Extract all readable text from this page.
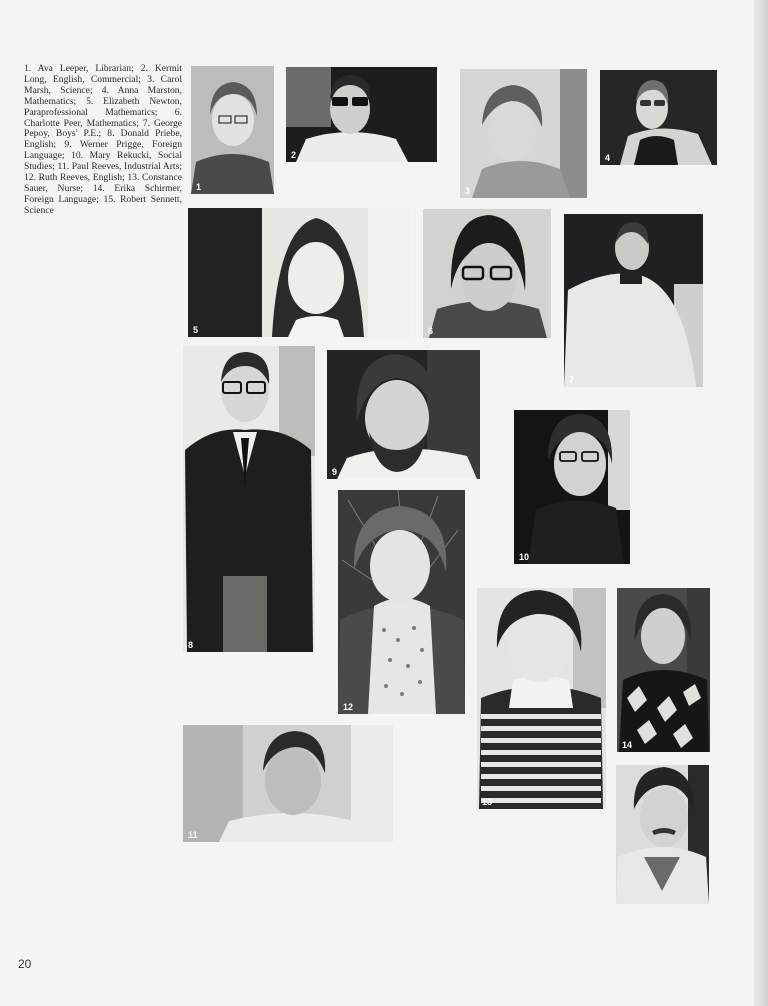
1. Ava Leeper, Librarian; 2. Kermit Long, English, Commercial; 3. Carol Marsh, Science; 4. Anna Marston, Mathematics; 5. Elizabeth Newton, Paraprofessional Mathematics; 6. Charlotte Peer, Mathematics; 7. George Pepoy, Boys' P.E.; 8. Donald Priebe, English; 9. Werner Prigge, Foreign Language; 10. Mary Rekucki, Social Studies; 11. Paul Reeves, Industrial Arts; 12. Ruth Reeves, English; 13. Constance Sauer, Nurse; 14. Erika Schirmer, Foreign Language; 15. Robert Sennett, Science
1
2
3
4
5	6
7
8
9
10
12
13
14
11
20
